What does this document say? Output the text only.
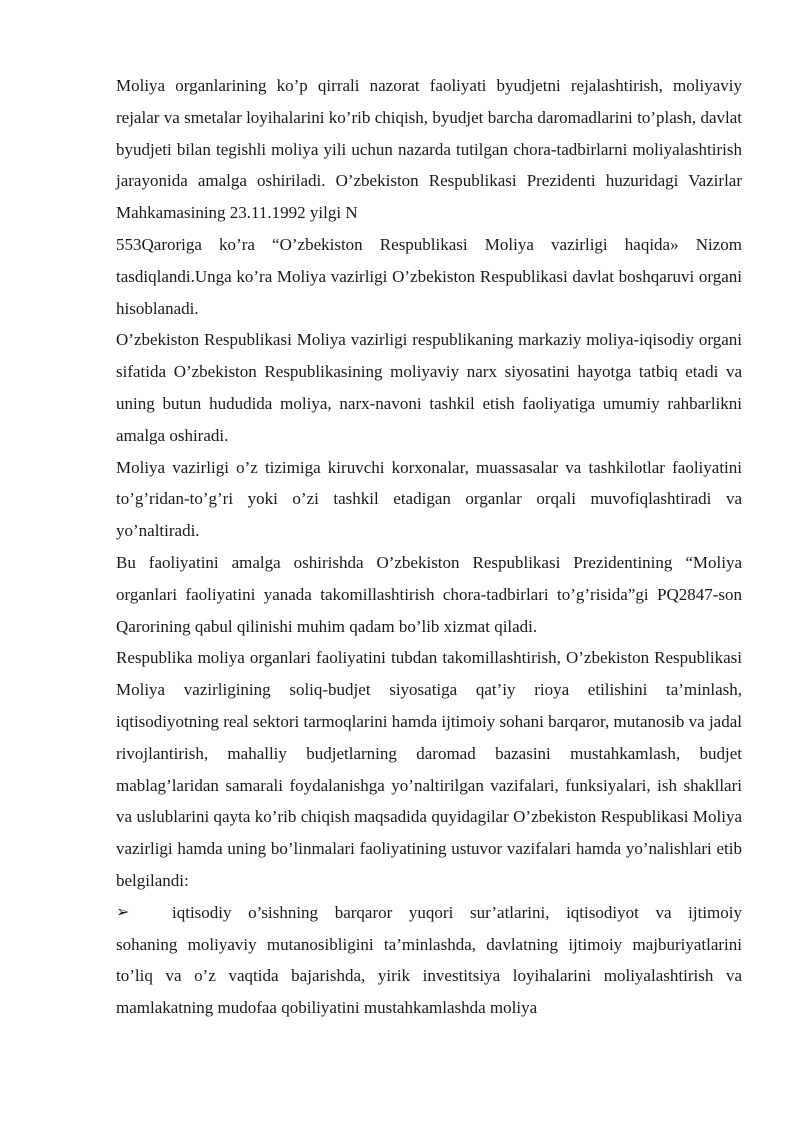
Moliya organlarining ko’p qirrali nazorat faoliyati byudjetni rejalashtirish, moliyaviy rejalar va smetalar loyihalarini ko’rib chiqish, byudjet barcha daromadlarini to’plash, davlat byudjeti bilan tegishli moliya yili uchun nazarda tutilgan chora-tadbirlarni moliyalashtirish jarayonida amalga oshiriladi. O’zbekiston Respublikasi Prezidenti huzuridagi Vazirlar Mahkamasining 23.11.1992 yilgi N

553Qaroriga ko’ra “O’zbekiston Respublikasi Moliya vazirligi haqida» Nizom tasdiqlandi.Unga ko’ra Moliya vazirligi O’zbekiston Respublikasi davlat boshqaruvi organi hisoblanadi.

O’zbekiston Respublikasi Moliya vazirligi respublikaning markaziy moliya-iqisodiy organi sifatida O’zbekiston Respublikasining moliyaviy narx siyosatini hayotga tatbiq etadi va uning butun hududida moliya, narx-navoni tashkil etish faoliyatiga umumiy rahbarlikni amalga oshiradi.

Moliya vazirligi o’z tizimiga kiruvchi korxonalar, muassasalar va tashkilotlar faoliyatini to’g’ridan-to’g’ri yoki o’zi tashkil etadigan organlar orqali muvofiqlashtiradi va yo’naltiradi.

Bu faoliyatini amalga oshirishda O’zbekiston Respublikasi Prezidentining “Moliya organlari faoliyatini yanada takomillashtirish chora-tadbirlari to’g’risida”gi PQ2847-son Qarorining qabul qilinishi muhim qadam bo’lib xizmat qiladi.

Respublika moliya organlari faoliyatini tubdan takomillashtirish, O’zbekiston Respublikasi Moliya vazirligining soliq-budjet siyosatiga qat’iy rioya etilishini ta’minlash, iqtisodiyotning real sektori tarmoqlarini hamda ijtimoiy sohani barqaror, mutanosib va jadal rivojlantirish, mahalliy budjetlarning daromad bazasini mustahkamlash, budjet mablag’laridan samarali foydalanishga yo’naltirilgan vazifalari, funksiyalari, ish shakllari va uslublarini qayta ko’rib chiqish maqsadida quyidagilar O’zbekiston Respublikasi Moliya vazirligi hamda uning bo’linmalari faoliyatining ustuvor vazifalari hamda yo’nalishlari etib belgilandi:

➢	iqtisodiy o’sishning barqaror yuqori sur’atlarini, iqtisodiyot va ijtimoiy

sohaning moliyaviy mutanosibligini ta’minlashda, davlatning ijtimoiy majburiyatlarini to’liq va o’z vaqtida bajarishda, yirik investitsiya loyihalarini moliyalashtirish va mamlakatning mudofaa qobiliyatini mustahkamlashda moliya
